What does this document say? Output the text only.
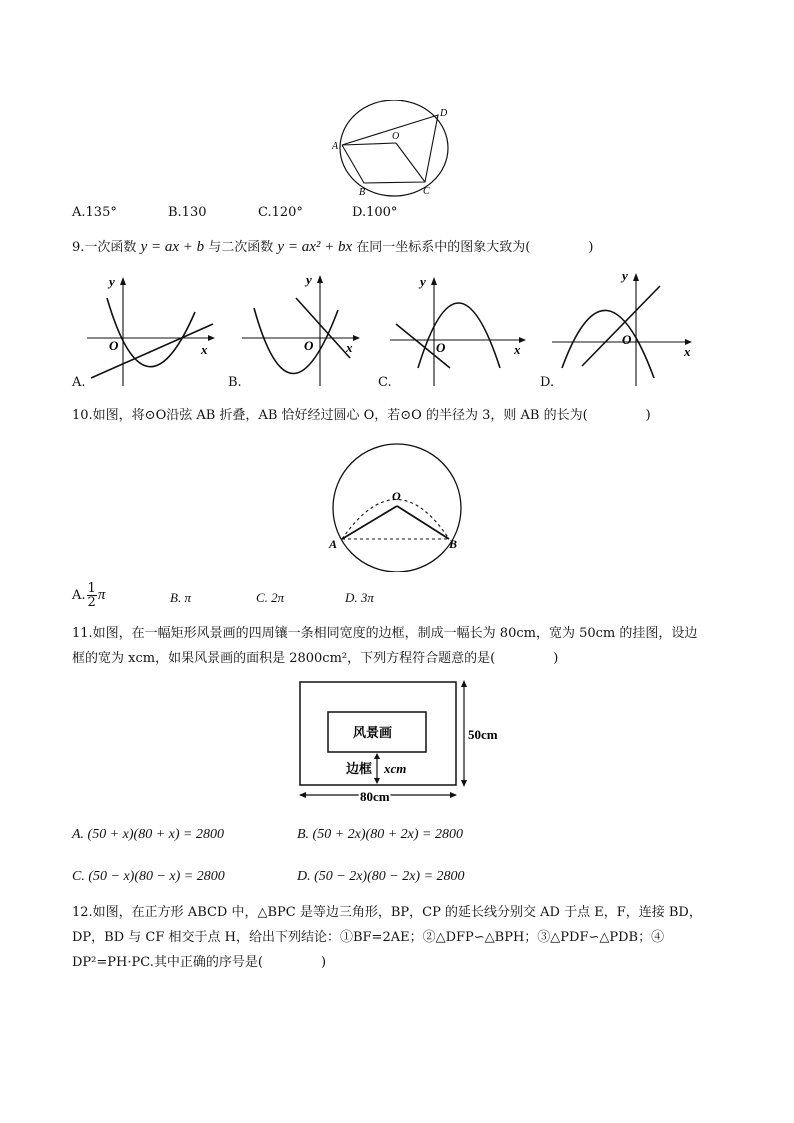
A
D
O
B	C
A.135°	B.130	C.120°	D.100°
9.一次函数 y = ax + b 与二次函数 y = ax² + bx 在同一坐标系中的图象大致为(	)
y
x
O
A.
y
x
O
B.
y
x
O
C.
y
x
O
D.
10.如图，将⊙O沿弦 AB 折叠，AB 恰好经过圆心 O，若⊙O 的半径为 3，则 AB 的长为(	)
O
A	B
A. $\frac{1}{2}$ π	B. π	C. 2π	D. 3π
11.如图，在一幅矩形风景画的四周镶一条相同宽度的边框，制成一幅长为 80cm，宽为 50cm 的挂图，设边
框的宽为 xcm，如果风景画的面积是 2800cm²，下列方程符合题意的是(	)
风景画
边框 xcm
50cm
80cm
A. (50 + x)(80 + x) = 2800	B. (50 + 2x)(80 + 2x) = 2800
C. (50 − x)(80 − x) = 2800	D. (50 − 2x)(80 − 2x) = 2800
12.如图，在正方形 ABCD 中，△BPC 是等边三角形，BP，CP 的延长线分别交 AD 于点 E，F，连接 BD，
DP，BD 与 CF 相交于点 H，给出下列结论：①BF=2AE；②△DFP∽△BPH；③△PDF∽△PDB；④
DP²=PH·PC.其中正确的序号是(	)
